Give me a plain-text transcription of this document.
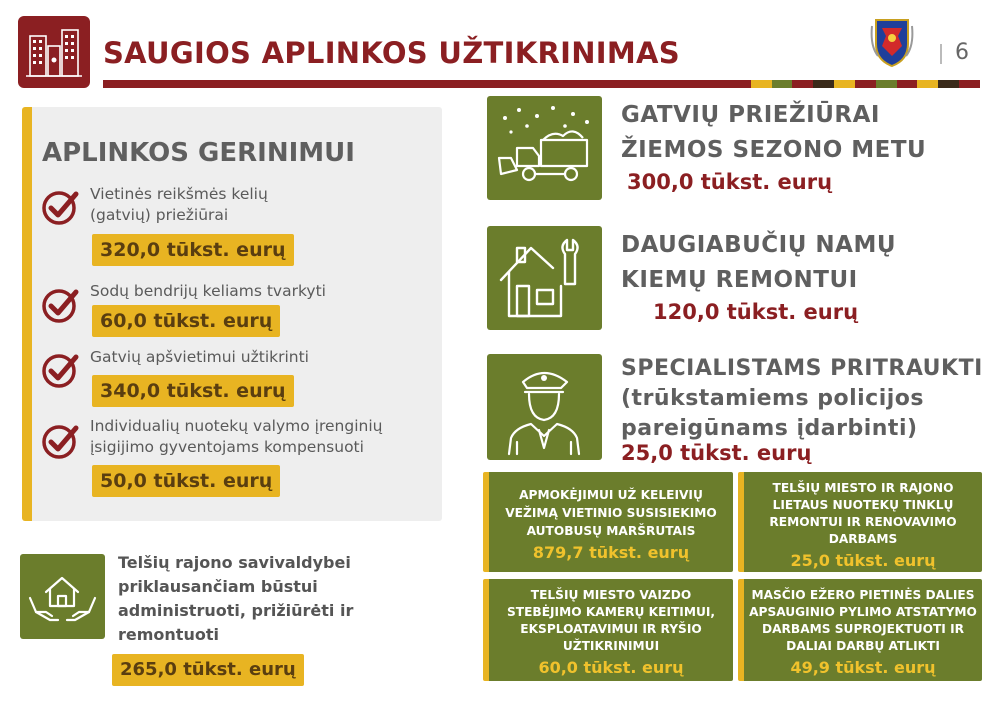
SAUGIOS APLINKOS UŽTIKRINIMAS	6
APLINKOS GERINIMUI
Vietinės reikšmės kelių
(gatvių) priežiūrai
320,0 tūkst. eurų
Sodų bendrijų keliams tvarkyti
60,0 tūkst. eurų
Gatvių apšvietimui užtikrinti
340,0 tūkst. eurų
Individualių nuotekų valymo įrenginių
įsigijimo gyventojams kompensuoti
50,0 tūkst. eurų
Telšių rajono savivaldybei
priklausančiam būstui
administruoti, prižiūrėti ir
remontuoti
265,0 tūkst. eurų
GATVIŲ PRIEŽIŪRAI
ŽIEMOS SEZONO METU
300,0 tūkst. eurų
DAUGIABUČIŲ NAMŲ
KIEMŲ REMONTUI
120,0 tūkst. eurų
SPECIALISTAMS PRITRAUKTI
(trūkstamiems policijos
pareigūnams įdarbinti)
25,0 tūkst. eurų
APMOKĖJIMUI UŽ KELEIVIŲ
VEŽIMĄ VIETINIO SUSISIEKIMO
AUTOBUSŲ MARŠRUTAIS
879,7 tūkst. eurų
TELŠIŲ MIESTO IR RAJONO
LIETAUS NUOTEKŲ TINKLŲ
REMONTUI IR RENOVAVIMO
DARBAMS
25,0 tūkst. eurų
TELŠIŲ MIESTO VAIZDO
STEBĖJIMO KAMERŲ KEITIMUI,
EKSPLOATAVIMUI IR RYŠIO
UŽTIKRINIMUI
60,0 tūkst. eurų
MASČIO EŽERO PIETINĖS DALIES
APSAUGINIO PYLIMO ATSTATYMO
DARBAMS SUPROJEKTUOTI IR
DALIAI DARBŲ ATLIKTI
49,9 tūkst. eurų
